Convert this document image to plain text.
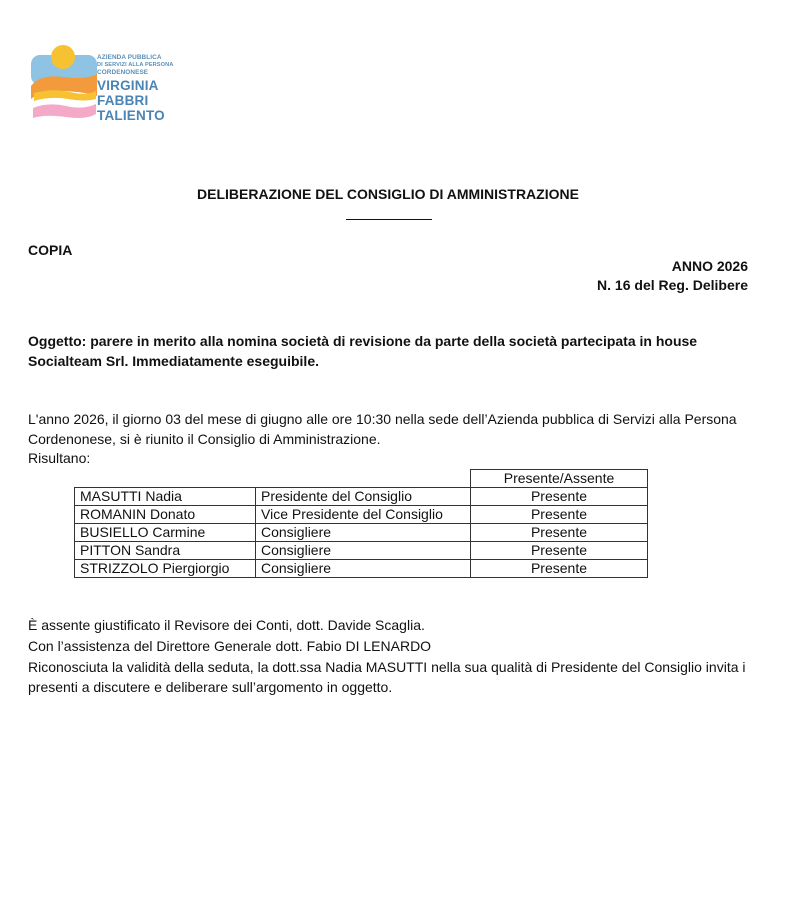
AZIENDA PUBBLICA
DI SERVIZI ALLA PERSONA
CORDENONESE
VIRGINIA
FABBRI
TALIENTO
DELIBERAZIONE DEL CONSIGLIO DI AMMINISTRAZIONE
COPIA
ANNO 2026
N. 16 del Reg. Delibere
Oggetto: parere in merito alla nomina società di revisione da parte della società partecipata in house Socialteam Srl. Immediatamente eseguibile.
L'anno 2026, il giorno 03 del mese di giugno alle ore 10:30 nella sede dell’Azienda pubblica di Servizi alla Persona Cordenonese, si è riunito il Consiglio di Amministrazione.
Risultano:
		Presente/Assente
MASUTTI Nadia	Presidente del Consiglio	Presente
ROMANIN Donato	Vice Presidente del Consiglio	Presente
BUSIELLO Carmine	Consigliere	Presente
PITTON Sandra	Consigliere	Presente
STRIZZOLO Piergiorgio	Consigliere	Presente
È assente giustificato il Revisore dei Conti, dott. Davide Scaglia.
Con l’assistenza del Direttore Generale dott. Fabio DI LENARDO
Riconosciuta la validità della seduta, la dott.ssa Nadia MASUTTI nella sua qualità di Presidente del Consiglio invita i presenti a discutere e deliberare sull’argomento in oggetto.
